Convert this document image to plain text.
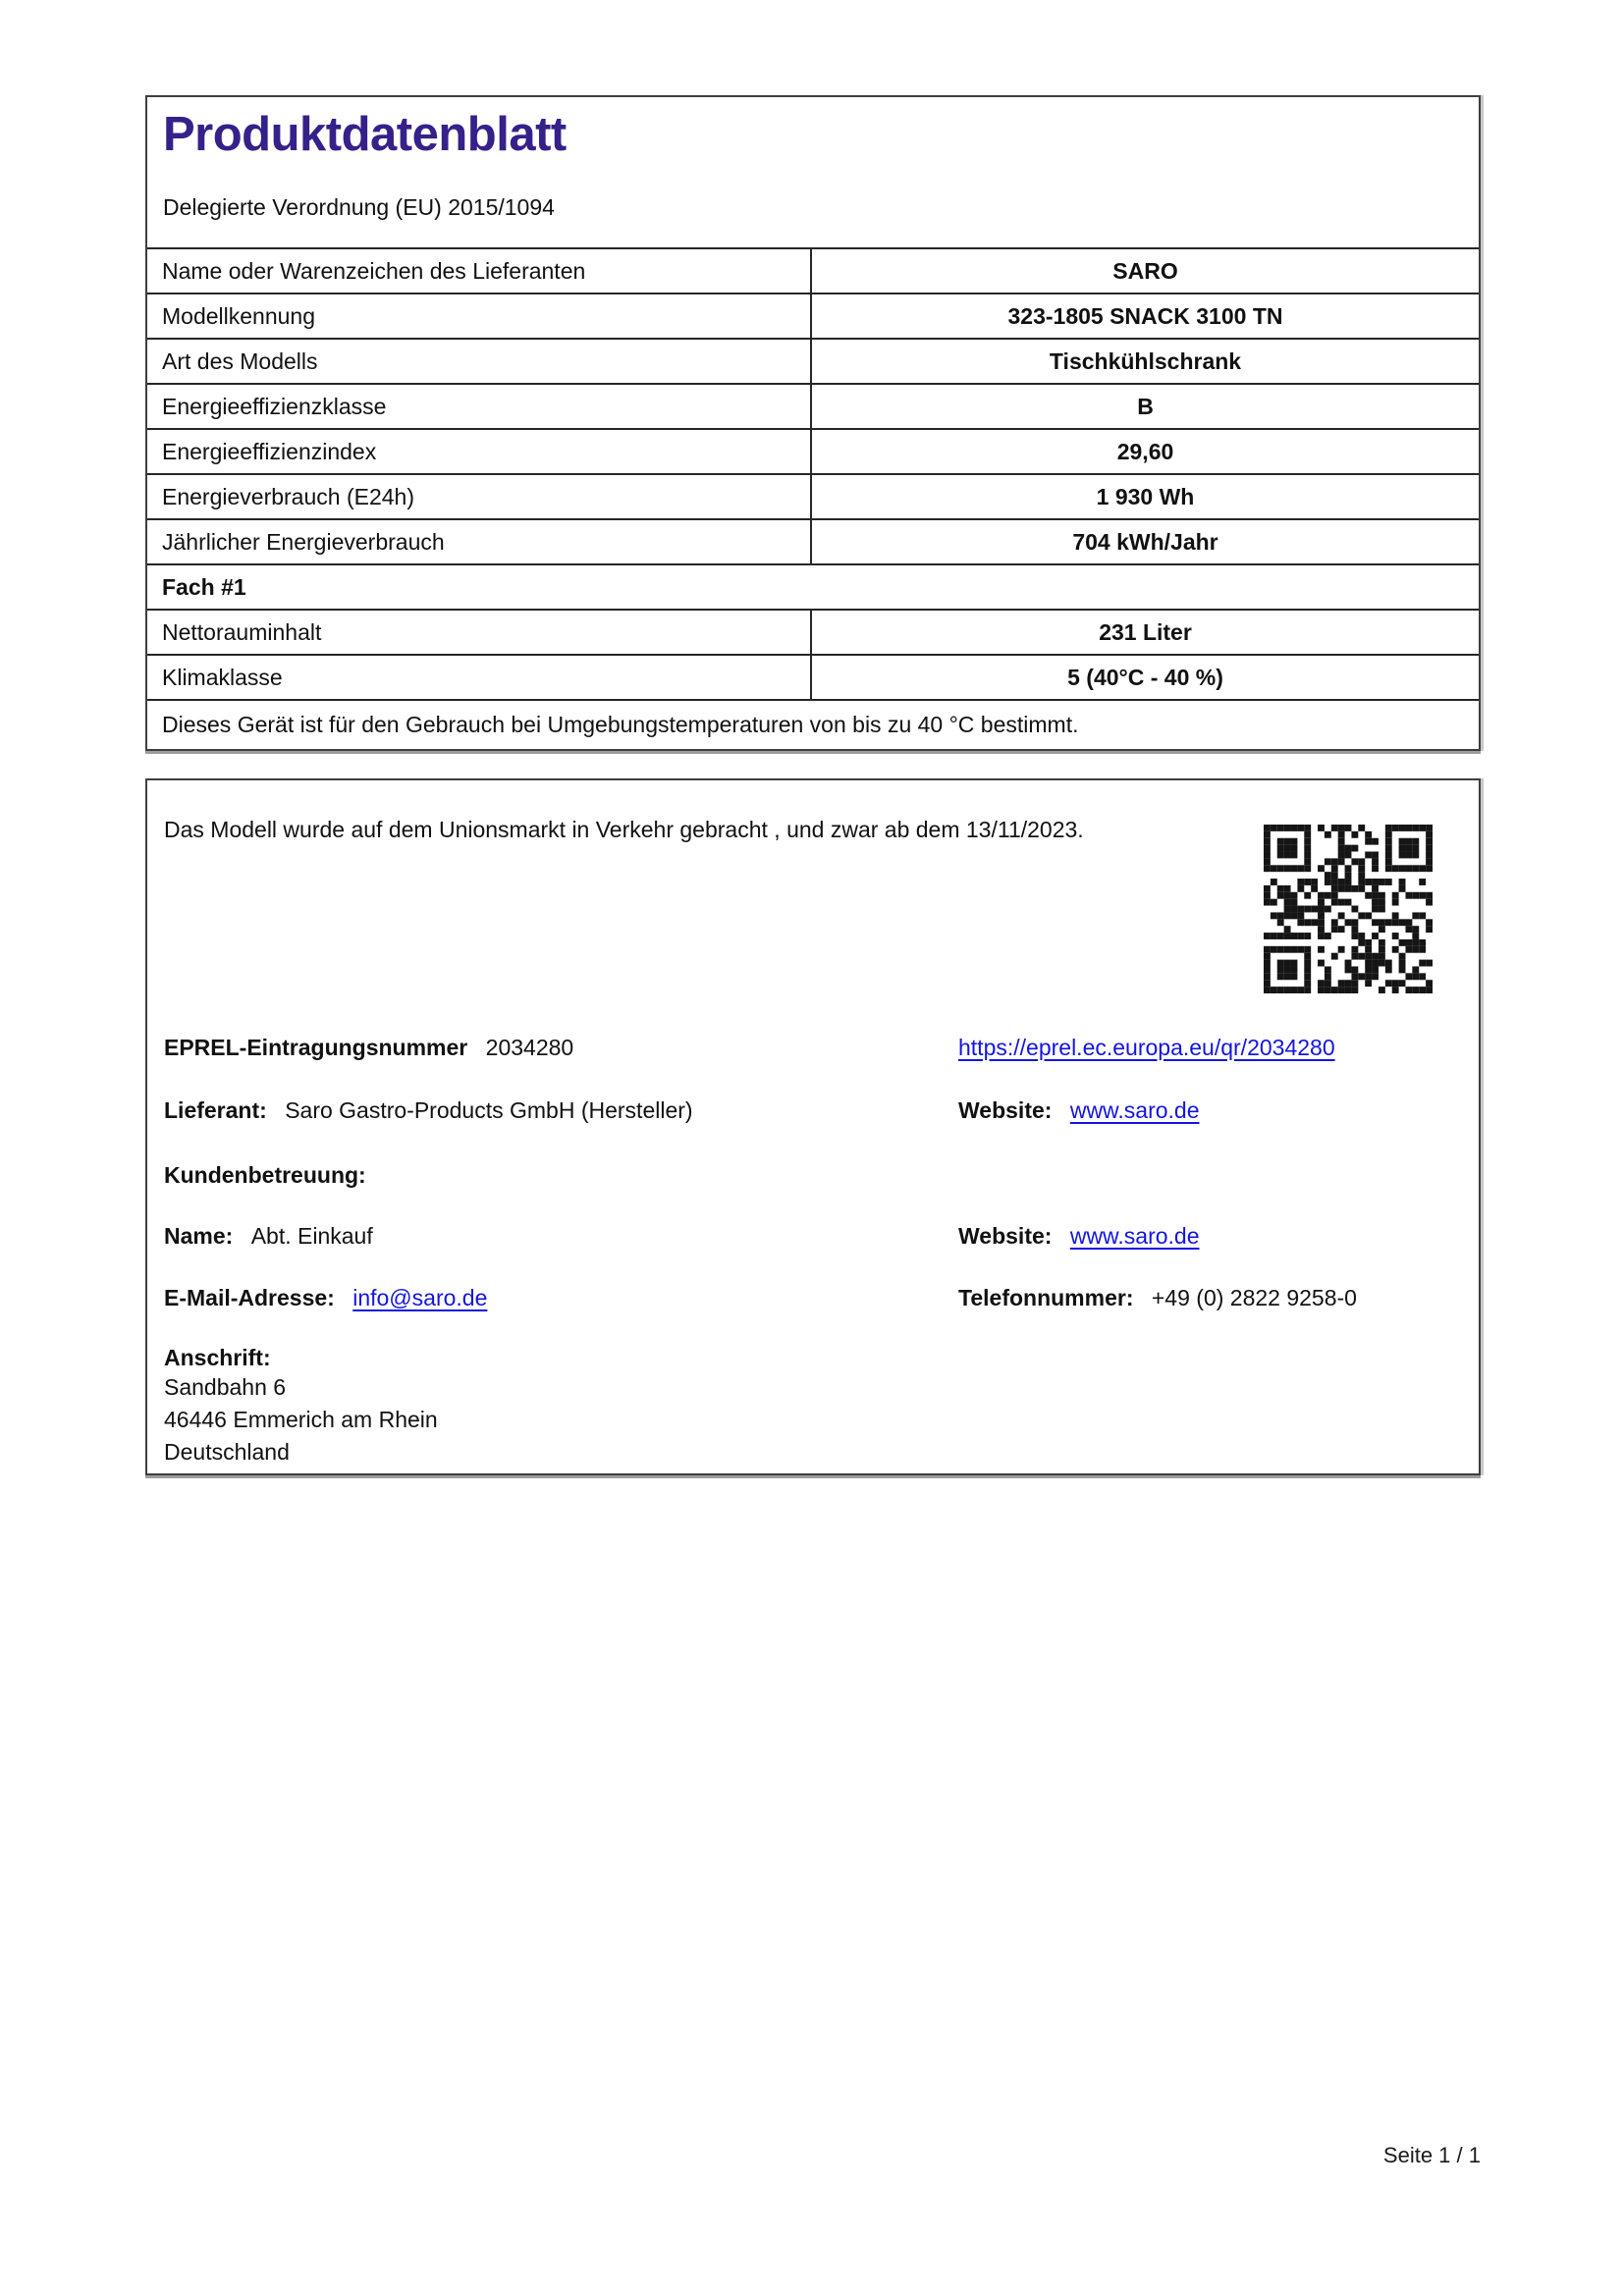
Produktdatenblatt
Delegierte Verordnung (EU) 2015/1094
Name oder Warenzeichen des Lieferanten	SARO
Modellkennung	323-1805 SNACK 3100 TN
Art des Modells	Tischkühlschrank
Energieeffizienzklasse	B
Energieeffizienzindex	29,60
Energieverbrauch (E24h)	1 930 Wh
Jährlicher Energieverbrauch	704 kWh/Jahr
Fach #1
Nettorauminhalt	231 Liter
Klimaklasse	5 (40°C - 40 %)
Dieses Gerät ist für den Gebrauch bei Umgebungstemperaturen von bis zu 40 °C bestimmt.
Das Modell wurde auf dem Unionsmarkt in Verkehr gebracht , und zwar ab dem 13/11/2023.
EPREL-Eintragungsnummer 2034280	https://eprel.ec.europa.eu/qr/2034280
Lieferant: Saro Gastro-Products GmbH (Hersteller)	Website: www.saro.de
Kundenbetreuung:
Name: Abt. Einkauf	Website: www.saro.de
E-Mail-Adresse: info@saro.de	Telefonnummer: +49 (0) 2822 9258-0
Anschrift:
Sandbahn 6
46446 Emmerich am Rhein
Deutschland
Seite 1 / 1
